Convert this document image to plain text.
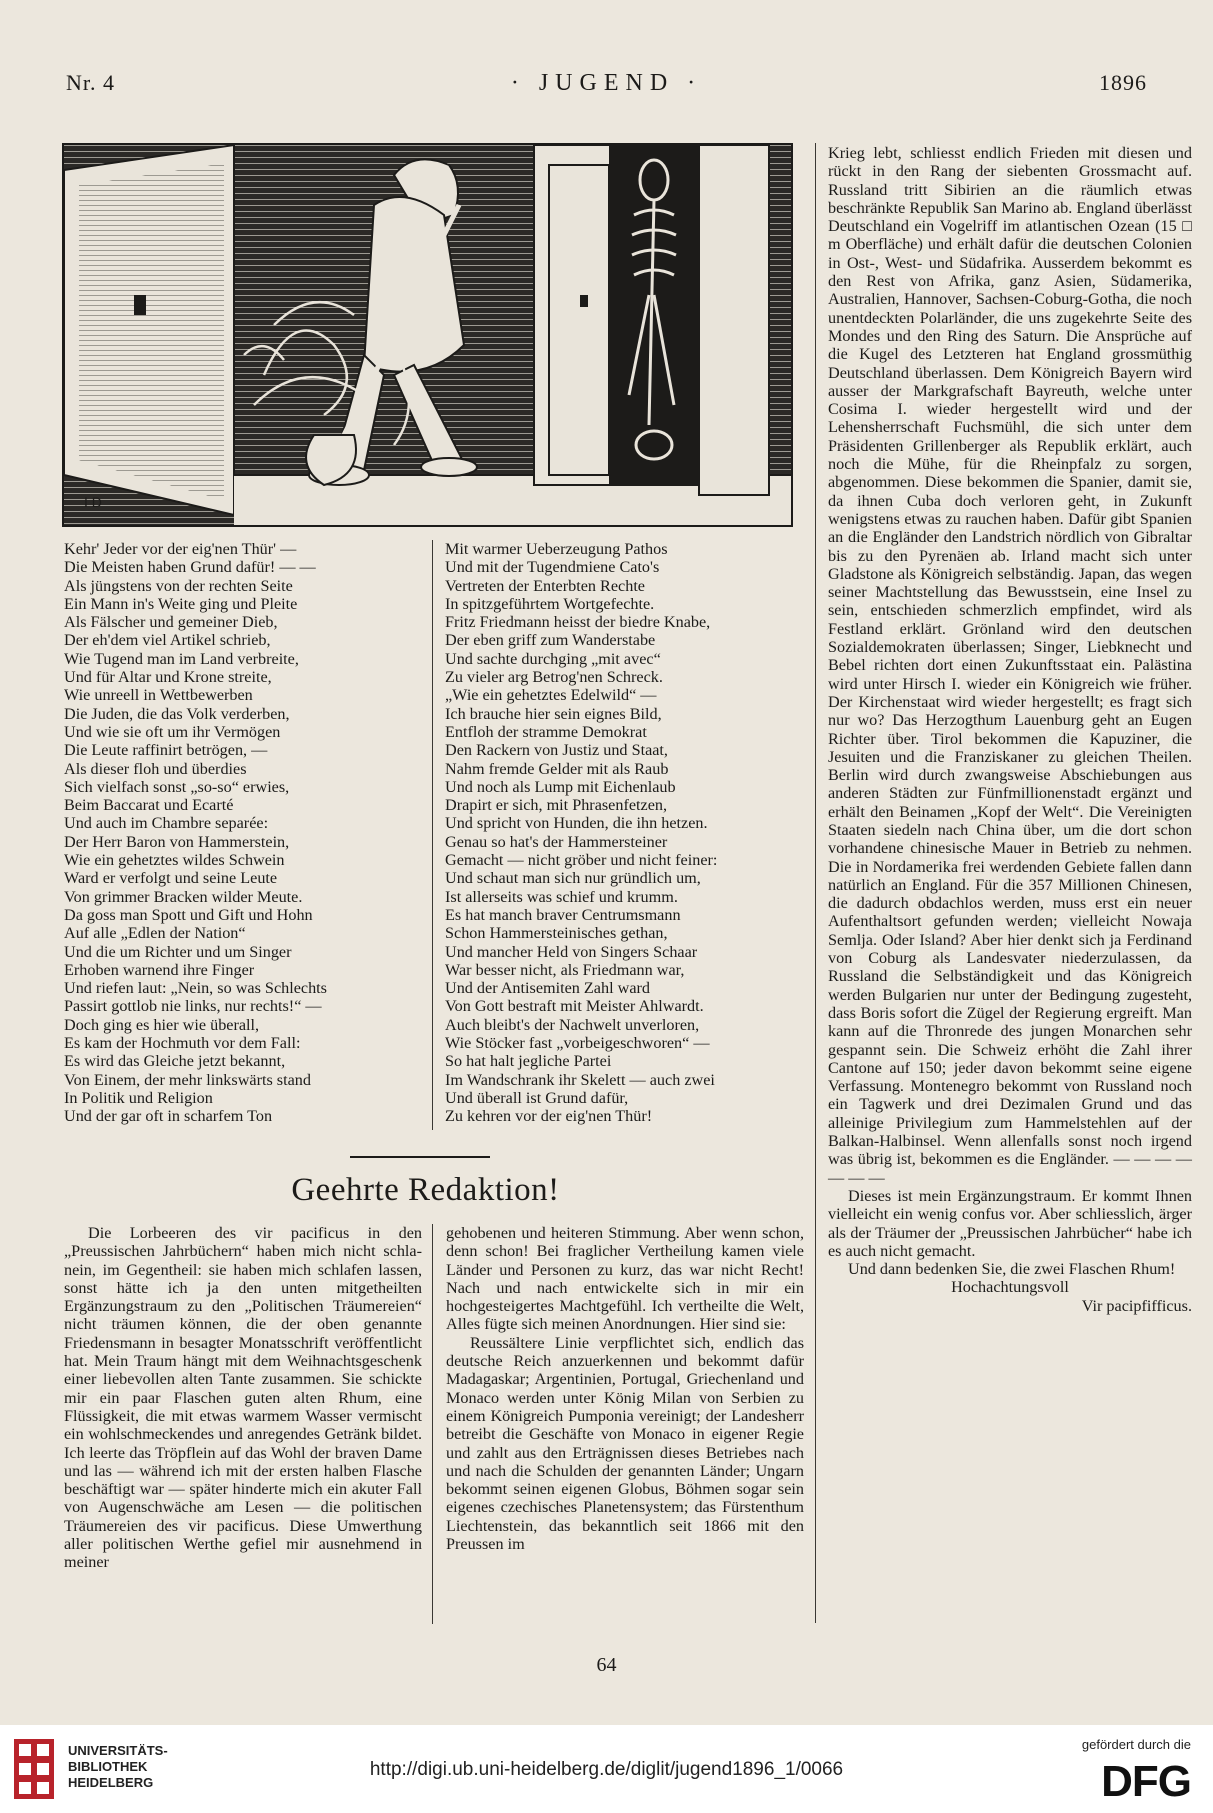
Nr. 4	· JUGEND ·	1896
I D
Kehr' Jeder vor der eig'nen Thür' —
Die Meisten haben Grund dafür! — —
Als jüngstens von der rechten Seite
Ein Mann in's Weite ging und Pleite
Als Fälscher und gemeiner Dieb,
Der eh'dem viel Artikel schrieb,
Wie Tugend man im Land verbreite,
Und für Altar und Krone streite,
Wie unreell in Wettbewerben
Die Juden, die das Volk verderben,
Und wie sie oft um ihr Vermögen
Die Leute raffinirt betrögen, —
Als dieser floh und überdies
Sich vielfach sonst „so-so“ erwies,
Beim Baccarat und Ecarté
Und auch im Chambre separée:
Der Herr Baron von Hammerstein,
Wie ein gehetztes wildes Schwein
Ward er verfolgt und seine Leute
Von grimmer Bracken wilder Meute.
Da goss man Spott und Gift und Hohn
Auf alle „Edlen der Nation“
Und die um Richter und um Singer
Erhoben warnend ihre Finger
Und riefen laut: „Nein, so was Schlechts
Passirt gottlob nie links, nur rechts!“ —
Doch ging es hier wie überall,
Es kam der Hochmuth vor dem Fall:
Es wird das Gleiche jetzt bekannt,
Von Einem, der mehr linkswärts stand
In Politik und Religion
Und der gar oft in scharfem Ton
Mit warmer Ueberzeugung Pathos
Und mit der Tugendmiene Cato's
Vertreten der Enterbten Rechte
In spitzgeführtem Wortgefechte.
Fritz Friedmann heisst der biedre Knabe,
Der eben griff zum Wanderstabe
Und sachte durchging „mit avec“
Zu vieler arg Betrog'nen Schreck.
„Wie ein gehetztes Edelwild“ —
Ich brauche hier sein eignes Bild,
Entfloh der stramme Demokrat
Den Rackern von Justiz und Staat,
Nahm fremde Gelder mit als Raub
Und noch als Lump mit Eichenlaub
Drapirt er sich, mit Phrasenfetzen,
Und spricht von Hunden, die ihn hetzen.
Genau so hat's der Hammersteiner
Gemacht — nicht gröber und nicht feiner:
Und schaut man sich nur gründlich um,
Ist allerseits was schief und krumm.
Es hat manch braver Centrumsmann
Schon Hammersteinisches gethan,
Und mancher Held von Singers Schaar
War besser nicht, als Friedmann war,
Und der Antisemiten Zahl ward
Von Gott bestraft mit Meister Ahlwardt.
Auch bleibt's der Nachwelt unverloren,
Wie Stöcker fast „vorbeigeschworen“ —
So hat halt jegliche Partei
Im Wandschrank ihr Skelett — auch zwei
Und überall ist Grund dafür,
Zu kehren vor der eig'nen Thür!
Geehrte Redaktion!

Die Lorbeeren des vir pacificus in den „Preussischen Jahrbüchern“ haben mich nicht schla- nein, im Gegentheil: sie haben mich schlafen lassen, sonst hätte ich ja den unten mitgetheilten Ergänzungstraum zu den „Politischen Träumereien“ nicht träumen können, die der oben genannte Friedensmann in besagter Monatsschrift veröffentlicht hat. Mein Traum hängt mit dem Weihnachtsgeschenk einer liebevollen alten Tante zusammen. Sie schickte mir ein paar Flaschen guten alten Rhum, eine Flüssigkeit, die mit etwas warmem Wasser vermischt ein wohlschmeckendes und anregendes Getränk bildet. Ich leerte das Tröpflein auf das Wohl der braven Dame und las — während ich mit der ersten halben Flasche beschäftigt war — später hinderte mich ein akuter Fall von Augenschwäche am Lesen — die politischen Träumereien des vir pacificus. Diese Umwerthung aller politischen Werthe gefiel mir ausnehmend in meiner

gehobenen und heiteren Stimmung. Aber wenn schon, denn schon! Bei fraglicher Vertheilung kamen viele Länder und Personen zu kurz, das war nicht Recht! Nach und nach entwickelte sich in mir ein hochgesteigertes Machtgefühl. Ich vertheilte die Welt, Alles fügte sich meinen Anordnungen. Hier sind sie:

Reussältere Linie verpflichtet sich, endlich das deutsche Reich anzuerkennen und bekommt dafür Madagaskar; Argentinien, Portugal, Griechenland und Monaco werden unter König Milan von Serbien zu einem Königreich Pumponia vereinigt; der Landesherr betreibt die Geschäfte von Monaco in eigener Regie und zahlt aus den Erträgnissen dieses Betriebes nach und nach die Schulden der genannten Länder; Ungarn bekommt seinen eigenen Globus, Böhmen sogar sein eigenes czechisches Planetensystem; das Fürstenthum Liechtenstein, das bekanntlich seit 1866 mit den Preussen im

Krieg lebt, schliesst endlich Frieden mit diesen und rückt in den Rang der siebenten Grossmacht auf. Russland tritt Sibirien an die räumlich etwas beschränkte Republik San Marino ab. England überlässt Deutschland ein Vogelriff im atlantischen Ozean (15 □ m Oberfläche) und erhält dafür die deutschen Colonien in Ost-, West- und Südafrika. Ausserdem bekommt es den Rest von Afrika, ganz Asien, Südamerika, Australien, Hannover, Sachsen-Coburg-Gotha, die noch unentdeckten Polarländer, die uns zugekehrte Seite des Mondes und den Ring des Saturn. Die Ansprüche auf die Kugel des Letzteren hat England grossmüthig Deutschland überlassen. Dem Königreich Bayern wird ausser der Markgrafschaft Bayreuth, welche unter Cosima I. wieder hergestellt wird und der Lehensherrschaft Fuchsmühl, die sich unter dem Präsidenten Grillenberger als Republik erklärt, auch noch die Mühe, für die Rheinpfalz zu sorgen, abgenommen. Diese bekommen die Spanier, damit sie, da ihnen Cuba doch verloren geht, in Zukunft wenigstens etwas zu rauchen haben. Dafür gibt Spanien an die Engländer den Landstrich nördlich von Gibraltar bis zu den Pyrenäen ab. Irland macht sich unter Gladstone als Königreich selbständig. Japan, das wegen seiner Machtstellung das Bewusstsein, eine Insel zu sein, entschieden schmerzlich empfindet, wird als Festland erklärt. Grönland wird den deutschen Sozialdemokraten überlassen; Singer, Liebknecht und Bebel richten dort einen Zukunftsstaat ein. Palästina wird unter Hirsch I. wieder ein Königreich wie früher. Der Kirchenstaat wird wieder hergestellt; es fragt sich nur wo? Das Herzogthum Lauenburg geht an Eugen Richter über. Tirol bekommen die Kapuziner, die Jesuiten und die Franziskaner zu gleichen Theilen. Berlin wird durch zwangsweise Abschiebungen aus anderen Städten zur Fünfmillionenstadt ergänzt und erhält den Beinamen „Kopf der Welt“. Die Vereinigten Staaten siedeln nach China über, um die dort schon vorhandene chinesische Mauer in Betrieb zu nehmen. Die in Nordamerika frei werdenden Gebiete fallen dann natürlich an England. Für die 357 Millionen Chinesen, die dadurch obdachlos werden, muss erst ein neuer Aufenthaltsort gefunden werden; vielleicht Nowaja Semlja. Oder Island? Aber hier denkt sich ja Ferdinand von Coburg als Landesvater niederzulassen, da Russland die Selbständigkeit und das Königreich werden Bulgarien nur unter der Bedingung zugesteht, dass Boris sofort die Zügel der Regierung ergreift. Man kann auf die Thronrede des jungen Monarchen sehr gespannt sein. Die Schweiz erhöht die Zahl ihrer Cantone auf 150; jeder davon bekommt seine eigene Verfassung. Montenegro bekommt von Russland noch ein Tagwerk und drei Dezimalen Grund und das alleinige Privilegium zum Hammelstehlen auf der Balkan-Halbinsel. Wenn allenfalls sonst noch irgend was übrig ist, bekommen es die Engländer. — — — — — — —

Dieses ist mein Ergänzungstraum. Er kommt Ihnen vielleicht ein wenig confus vor. Aber schliesslich, ärger als der Träumer der „Preussischen Jahrbücher“ habe ich es auch nicht gemacht.

Und dann bedenken Sie, die zwei Flaschen Rhum!

Hochachtungsvoll

Vir pacipfifficus.

64
UNIVERSITÄTS-
BIBLIOTHEK
HEIDELBERG
http://digi.ub.uni-heidelberg.de/diglit/jugend1896_1/0066
gefördert durch die
DFG
